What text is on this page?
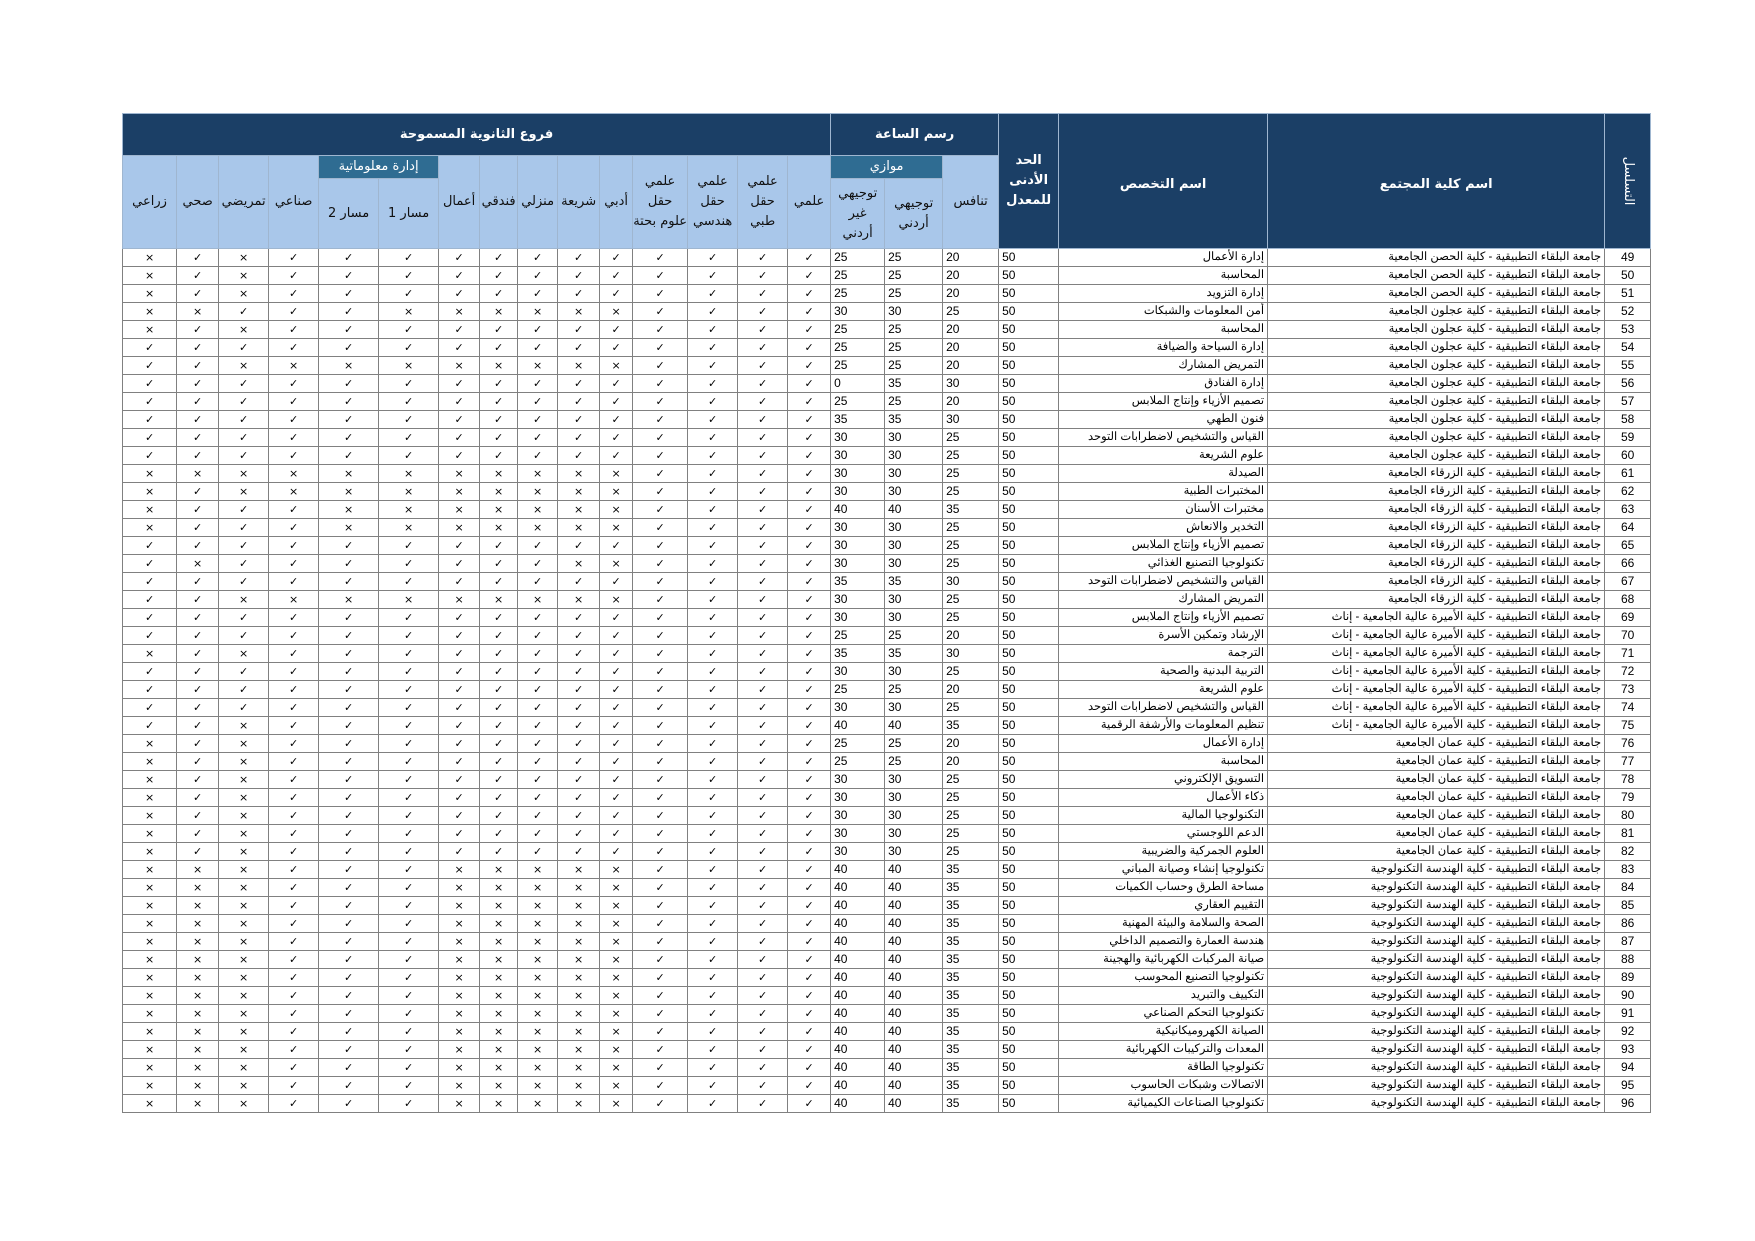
التسلسل	اسم كلية المجتمع	اسم التخصص	الحد الأدنى للمعدل	رسم الساعة			فروع الثانوية المسموحة														
				تنافس	موازي		علمي	علمي حقل طبي	علمي حقل هندسي	علمي حقل علوم بحتة	أدبي	شريعة	منزلي	فندقي	أعمال	إدارة معلوماتية		صناعي	تمريضي	صحي	زراعي
					توجيهي أردني	توجيهي غير أردني										مسار 1	مسار 2				
49	جامعة البلقاء التطبيقية - كلية الحصن الجامعية	إدارة الأعمال	50	20	25	25	✓	✓	✓	✓	✓	✓	✓	✓	✓	✓	✓	✓	×	✓	×
50	جامعة البلقاء التطبيقية - كلية الحصن الجامعية	المحاسبة	50	20	25	25	✓	✓	✓	✓	✓	✓	✓	✓	✓	✓	✓	✓	×	✓	×
51	جامعة البلقاء التطبيقية - كلية الحصن الجامعية	إدارة التزويد	50	20	25	25	✓	✓	✓	✓	✓	✓	✓	✓	✓	✓	✓	✓	×	✓	×
52	جامعة البلقاء التطبيقية - كلية عجلون الجامعية	أمن المعلومات والشبكات	50	25	30	30	✓	✓	✓	✓	×	×	×	×	×	×	✓	✓	✓	×	×
53	جامعة البلقاء التطبيقية - كلية عجلون الجامعية	المحاسبة	50	20	25	25	✓	✓	✓	✓	✓	✓	✓	✓	✓	✓	✓	✓	×	✓	×
54	جامعة البلقاء التطبيقية - كلية عجلون الجامعية	إدارة السياحة والضيافة	50	20	25	25	✓	✓	✓	✓	✓	✓	✓	✓	✓	✓	✓	✓	✓	✓	✓
55	جامعة البلقاء التطبيقية - كلية عجلون الجامعية	التمريض المشارك	50	20	25	25	✓	✓	✓	✓	×	×	×	×	×	×	×	×	×	✓	✓
56	جامعة البلقاء التطبيقية - كلية عجلون الجامعية	إدارة الفنادق	50	30	35	0	✓	✓	✓	✓	✓	✓	✓	✓	✓	✓	✓	✓	✓	✓	✓
57	جامعة البلقاء التطبيقية - كلية عجلون الجامعية	تصميم الأزياء وإنتاج الملابس	50	20	25	25	✓	✓	✓	✓	✓	✓	✓	✓	✓	✓	✓	✓	✓	✓	✓
58	جامعة البلقاء التطبيقية - كلية عجلون الجامعية	فنون الطهي	50	30	35	35	✓	✓	✓	✓	✓	✓	✓	✓	✓	✓	✓	✓	✓	✓	✓
59	جامعة البلقاء التطبيقية - كلية عجلون الجامعية	القياس والتشخيص لاضطرابات التوحد	50	25	30	30	✓	✓	✓	✓	✓	✓	✓	✓	✓	✓	✓	✓	✓	✓	✓
60	جامعة البلقاء التطبيقية - كلية عجلون الجامعية	علوم الشريعة	50	25	30	30	✓	✓	✓	✓	✓	✓	✓	✓	✓	✓	✓	✓	✓	✓	✓
61	جامعة البلقاء التطبيقية - كلية الزرقاء الجامعية	الصيدلة	50	25	30	30	✓	✓	✓	✓	×	×	×	×	×	×	×	×	×	×	×
62	جامعة البلقاء التطبيقية - كلية الزرقاء الجامعية	المختبرات الطبية	50	25	30	30	✓	✓	✓	✓	×	×	×	×	×	×	×	×	×	✓	×
63	جامعة البلقاء التطبيقية - كلية الزرقاء الجامعية	مختبرات الأسنان	50	35	40	40	✓	✓	✓	✓	×	×	×	×	×	×	×	✓	✓	✓	×
64	جامعة البلقاء التطبيقية - كلية الزرقاء الجامعية	التخدير والانعاش	50	25	30	30	✓	✓	✓	✓	×	×	×	×	×	×	×	✓	✓	✓	×
65	جامعة البلقاء التطبيقية - كلية الزرقاء الجامعية	تصميم الأزياء وإنتاج الملابس	50	25	30	30	✓	✓	✓	✓	✓	✓	✓	✓	✓	✓	✓	✓	✓	✓	✓
66	جامعة البلقاء التطبيقية - كلية الزرقاء الجامعية	تكنولوجيا التصنيع الغذائي	50	25	30	30	✓	✓	✓	✓	×	×	✓	✓	✓	✓	✓	✓	✓	×	✓
67	جامعة البلقاء التطبيقية - كلية الزرقاء الجامعية	القياس والتشخيص لاضطرابات التوحد	50	30	35	35	✓	✓	✓	✓	✓	✓	✓	✓	✓	✓	✓	✓	✓	✓	✓
68	جامعة البلقاء التطبيقية - كلية الزرقاء الجامعية	التمريض المشارك	50	25	30	30	✓	✓	✓	✓	×	×	×	×	×	×	×	×	×	✓	✓
69	جامعة البلقاء التطبيقية - كلية الأميرة عالية الجامعية - إناث	تصميم الأزياء وإنتاج الملابس	50	25	30	30	✓	✓	✓	✓	✓	✓	✓	✓	✓	✓	✓	✓	✓	✓	✓
70	جامعة البلقاء التطبيقية - كلية الأميرة عالية الجامعية - إناث	الإرشاد وتمكين الأسرة	50	20	25	25	✓	✓	✓	✓	✓	✓	✓	✓	✓	✓	✓	✓	✓	✓	✓
71	جامعة البلقاء التطبيقية - كلية الأميرة عالية الجامعية - إناث	الترجمة	50	30	35	35	✓	✓	✓	✓	✓	✓	✓	✓	✓	✓	✓	✓	×	✓	×
72	جامعة البلقاء التطبيقية - كلية الأميرة عالية الجامعية - إناث	التربية البدنية والصحية	50	25	30	30	✓	✓	✓	✓	✓	✓	✓	✓	✓	✓	✓	✓	✓	✓	✓
73	جامعة البلقاء التطبيقية - كلية الأميرة عالية الجامعية - إناث	علوم الشريعة	50	20	25	25	✓	✓	✓	✓	✓	✓	✓	✓	✓	✓	✓	✓	✓	✓	✓
74	جامعة البلقاء التطبيقية - كلية الأميرة عالية الجامعية - إناث	القياس والتشخيص لاضطرابات التوحد	50	25	30	30	✓	✓	✓	✓	✓	✓	✓	✓	✓	✓	✓	✓	✓	✓	✓
75	جامعة البلقاء التطبيقية - كلية الأميرة عالية الجامعية - إناث	تنظيم المعلومات والأرشفة الرقمية	50	35	40	40	✓	✓	✓	✓	✓	✓	✓	✓	✓	✓	✓	✓	×	✓	✓
76	جامعة البلقاء التطبيقية - كلية عمان الجامعية	إدارة الأعمال	50	20	25	25	✓	✓	✓	✓	✓	✓	✓	✓	✓	✓	✓	✓	×	✓	×
77	جامعة البلقاء التطبيقية - كلية عمان الجامعية	المحاسبة	50	20	25	25	✓	✓	✓	✓	✓	✓	✓	✓	✓	✓	✓	✓	×	✓	×
78	جامعة البلقاء التطبيقية - كلية عمان الجامعية	التسويق الإلكتروني	50	25	30	30	✓	✓	✓	✓	✓	✓	✓	✓	✓	✓	✓	✓	×	✓	×
79	جامعة البلقاء التطبيقية - كلية عمان الجامعية	ذكاء الأعمال	50	25	30	30	✓	✓	✓	✓	✓	✓	✓	✓	✓	✓	✓	✓	×	✓	×
80	جامعة البلقاء التطبيقية - كلية عمان الجامعية	التكنولوجيا المالية	50	25	30	30	✓	✓	✓	✓	✓	✓	✓	✓	✓	✓	✓	✓	×	✓	×
81	جامعة البلقاء التطبيقية - كلية عمان الجامعية	الدعم اللوجستي	50	25	30	30	✓	✓	✓	✓	✓	✓	✓	✓	✓	✓	✓	✓	×	✓	×
82	جامعة البلقاء التطبيقية - كلية عمان الجامعية	العلوم الجمركية والضريبية	50	25	30	30	✓	✓	✓	✓	✓	✓	✓	✓	✓	✓	✓	✓	×	✓	×
83	جامعة البلقاء التطبيقية - كلية الهندسة التكنولوجية	تكنولوجيا إنشاء وصيانة المباني	50	35	40	40	✓	✓	✓	✓	×	×	×	×	×	✓	✓	✓	×	×	×
84	جامعة البلقاء التطبيقية - كلية الهندسة التكنولوجية	مساحة الطرق وحساب الكميات	50	35	40	40	✓	✓	✓	✓	×	×	×	×	×	✓	✓	✓	×	×	×
85	جامعة البلقاء التطبيقية - كلية الهندسة التكنولوجية	التقييم العقاري	50	35	40	40	✓	✓	✓	✓	×	×	×	×	×	✓	✓	✓	×	×	×
86	جامعة البلقاء التطبيقية - كلية الهندسة التكنولوجية	الصحة والسلامة والبيئة المهنية	50	35	40	40	✓	✓	✓	✓	×	×	×	×	×	✓	✓	✓	×	×	×
87	جامعة البلقاء التطبيقية - كلية الهندسة التكنولوجية	هندسة العمارة والتصميم الداخلي	50	35	40	40	✓	✓	✓	✓	×	×	×	×	×	✓	✓	✓	×	×	×
88	جامعة البلقاء التطبيقية - كلية الهندسة التكنولوجية	صيانة المركبات الكهربائية والهجينة	50	35	40	40	✓	✓	✓	✓	×	×	×	×	×	✓	✓	✓	×	×	×
89	جامعة البلقاء التطبيقية - كلية الهندسة التكنولوجية	تكنولوجيا التصنيع المحوسب	50	35	40	40	✓	✓	✓	✓	×	×	×	×	×	✓	✓	✓	×	×	×
90	جامعة البلقاء التطبيقية - كلية الهندسة التكنولوجية	التكييف والتبريد	50	35	40	40	✓	✓	✓	✓	×	×	×	×	×	✓	✓	✓	×	×	×
91	جامعة البلقاء التطبيقية - كلية الهندسة التكنولوجية	تكنولوجيا التحكم الصناعي	50	35	40	40	✓	✓	✓	✓	×	×	×	×	×	✓	✓	✓	×	×	×
92	جامعة البلقاء التطبيقية - كلية الهندسة التكنولوجية	الصيانة الكهروميكانيكية	50	35	40	40	✓	✓	✓	✓	×	×	×	×	×	✓	✓	✓	×	×	×
93	جامعة البلقاء التطبيقية - كلية الهندسة التكنولوجية	المعدات والتركيبات الكهربائية	50	35	40	40	✓	✓	✓	✓	×	×	×	×	×	✓	✓	✓	×	×	×
94	جامعة البلقاء التطبيقية - كلية الهندسة التكنولوجية	تكنولوجيا الطاقة	50	35	40	40	✓	✓	✓	✓	×	×	×	×	×	✓	✓	✓	×	×	×
95	جامعة البلقاء التطبيقية - كلية الهندسة التكنولوجية	الاتصالات وشبكات الحاسوب	50	35	40	40	✓	✓	✓	✓	×	×	×	×	×	✓	✓	✓	×	×	×
96	جامعة البلقاء التطبيقية - كلية الهندسة التكنولوجية	تكنولوجيا الصناعات الكيميائية	50	35	40	40	✓	✓	✓	✓	×	×	×	×	×	✓	✓	✓	×	×	×
